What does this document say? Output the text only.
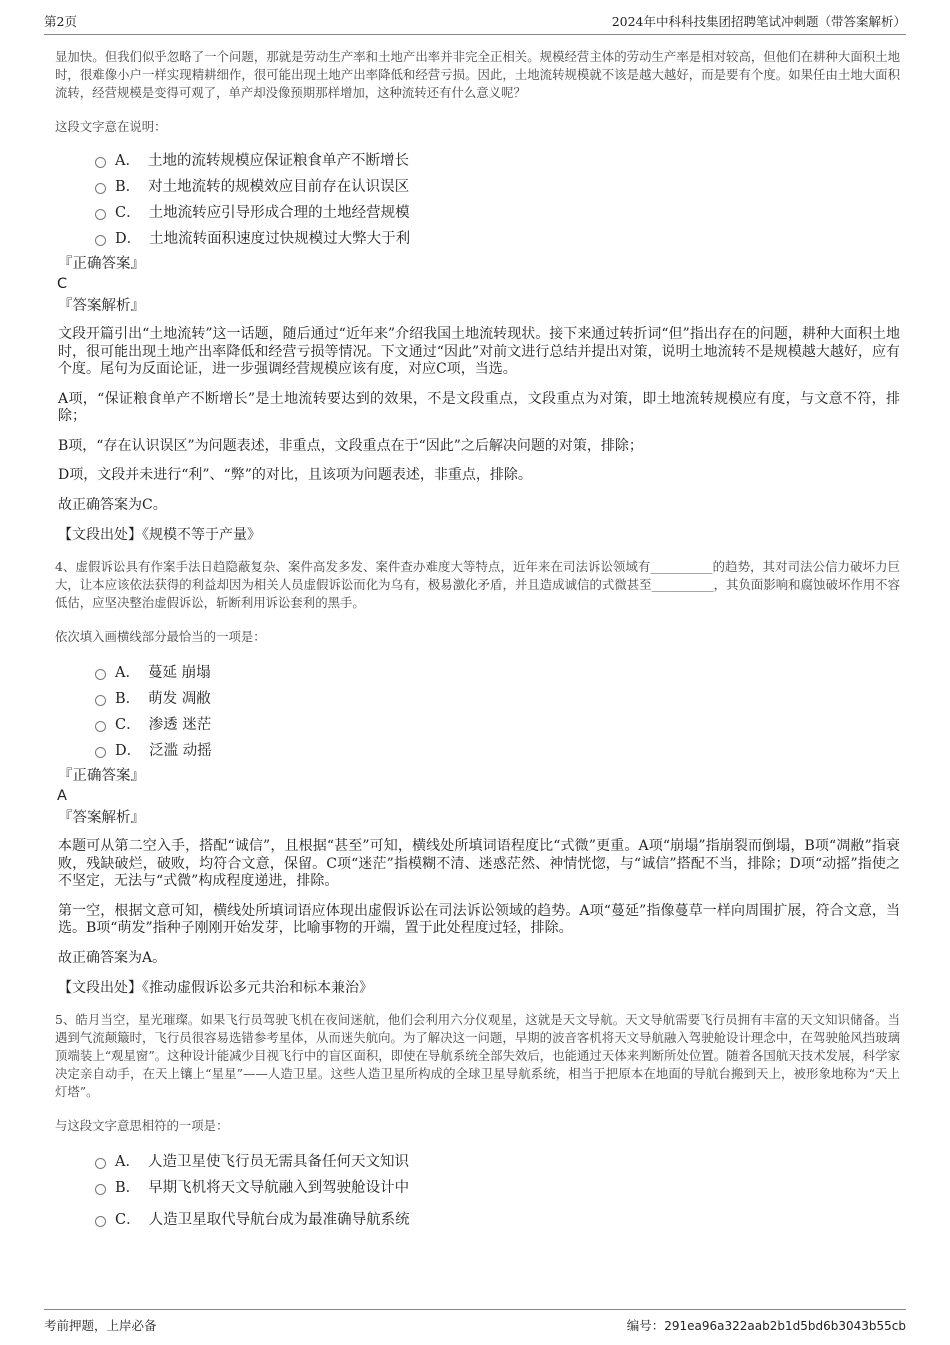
第2页	2024年中科科技集团招聘笔试冲刺题（带答案解析）

显加快。但我们似乎忽略了一个问题，那就是劳动生产率和土地产出率并非完全正相关。规模经营主体的劳动生产率是相对较高，但他们在耕种大面积土地时，很难像小户一样实现精耕细作，很可能出现土地产出率降低和经营亏损。因此，土地流转规模就不该是越大越好，而是要有个度。如果任由土地大面积流转，经营规模是变得可观了，单产却没像预期那样增加，这种流转还有什么意义呢？

这段文字意在说明：

A． 土地的流转规模应保证粮食单产不断增长
B． 对土地流转的规模效应目前存在认识误区
C． 土地流转应引导形成合理的土地经营规模
D． 土地流转面积速度过快规模过大弊大于利
『正确答案』
C
『答案解析』

文段开篇引出“土地流转”这一话题，随后通过“近年来”介绍我国土地流转现状。接下来通过转折词“但”指出存在的问题，耕种大面积土地时，很可能出现土地产出率降低和经营亏损等情况。下文通过“因此”对前文进行总结并提出对策，说明土地流转不是规模越大越好，应有个度。尾句为反面论证，进一步强调经营规模应该有度，对应C项，当选。

A项，“保证粮食单产不断增长”是土地流转要达到的效果，不是文段重点，文段重点为对策，即土地流转规模应有度，与文意不符，排除；

B项，“存在认识误区”为问题表述，非重点，文段重点在于“因此”之后解决问题的对策，排除；

D项，文段并未进行“利”、“弊”的对比，且该项为问题表述，非重点，排除。

故正确答案为C。

【文段出处】《规模不等于产量》

4、虚假诉讼具有作案手法日趋隐蔽复杂、案件高发多发、案件查办难度大等特点，近年来在司法诉讼领域有__________的趋势，其对司法公信力破坏力巨大，让本应该依法获得的利益却因为相关人员虚假诉讼而化为乌有，极易激化矛盾，并且造成诚信的式微甚至__________，其负面影响和腐蚀破坏作用不容低估，应坚决整治虚假诉讼，斩断利用诉讼套利的黑手。

依次填入画横线部分最恰当的一项是：

A． 蔓延 崩塌
B． 萌发 凋敝
C． 渗透 迷茫
D． 泛滥 动摇
『正确答案』
A
『答案解析』

本题可从第二空入手，搭配“诚信”，且根据“甚至”可知，横线处所填词语程度比“式微”更重。A项“崩塌”指崩裂而倒塌，B项“凋敝”指衰败，残缺破烂，破败，均符合文意，保留。C项“迷茫”指模糊不清、迷惑茫然、神情恍惚，与“诚信”搭配不当，排除；D项“动摇”指使之不坚定，无法与“式微”构成程度递进，排除。

第一空，根据文意可知，横线处所填词语应体现出虚假诉讼在司法诉讼领域的趋势。A项“蔓延”指像蔓草一样向周围扩展，符合文意，当选。B项“萌发”指种子刚刚开始发芽，比喻事物的开端，置于此处程度过轻，排除。

故正确答案为A。

【文段出处】《推动虚假诉讼多元共治和标本兼治》

5、皓月当空，星光璀璨。如果飞行员驾驶飞机在夜间迷航，他们会利用六分仪观星，这就是天文导航。天文导航需要飞行员拥有丰富的天文知识储备。当遇到气流颠簸时，飞行员很容易选错参考星体，从而迷失航向。为了解决这一问题，早期的波音客机将天文导航融入驾驶舱设计理念中，在驾驶舱风挡玻璃顶端装上“观星窗”。这种设计能减少目视飞行中的盲区面积，即使在导航系统全部失效后，也能通过天体来判断所处位置。随着各国航天技术发展，科学家决定亲自动手，在天上镶上“星星”——人造卫星。这些人造卫星所构成的全球卫星导航系统，相当于把原本在地面的导航台搬到天上，被形象地称为“天上灯塔”。

与这段文字意思相符的一项是：

A． 人造卫星使飞行员无需具备任何天文知识
B． 早期飞机将天文导航融入到驾驶舱设计中
C． 人造卫星取代导航台成为最准确导航系统
考前押题，上岸必备	编号：291ea96a322aab2b1d5bd6b3043b55cb
